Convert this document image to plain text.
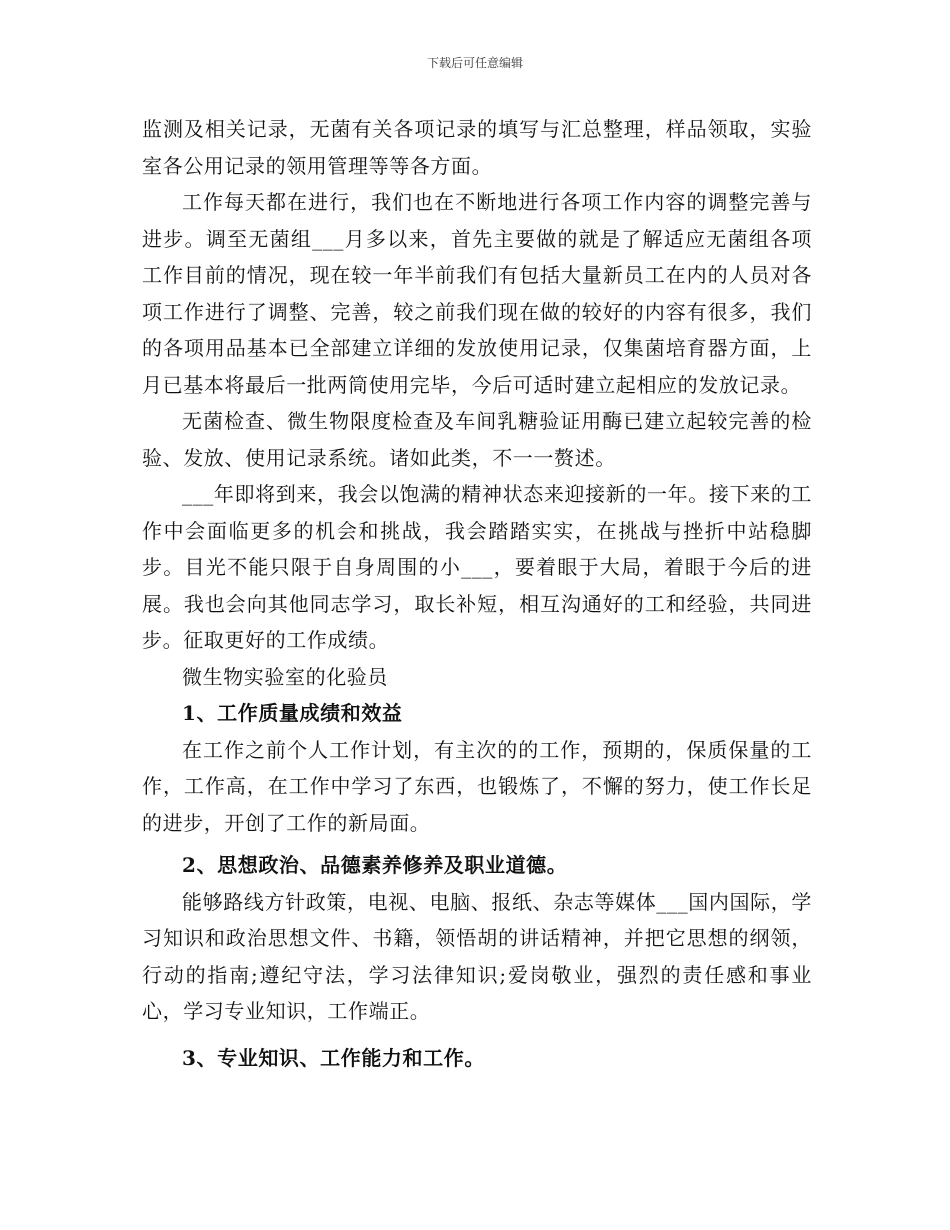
下载后可任意编辑

监测及相关记录，无菌有关各项记录的填写与汇总整理，样品领取，实验室各公用记录的领用管理等等各方面。

工作每天都在进行，我们也在不断地进行各项工作内容的调整完善与进步。调至无菌组___月多以来，首先主要做的就是了解适应无菌组各项工作目前的情况，现在较一年半前我们有包括大量新员工在内的人员对各项工作进行了调整、完善，较之前我们现在做的较好的内容有很多，我们的各项用品基本已全部建立详细的发放使用记录，仅集菌培育器方面，上月已基本将最后一批两筒使用完毕，今后可适时建立起相应的发放记录。

无菌检查、微生物限度检查及车间乳糖验证用酶已建立起较完善的检验、发放、使用记录系统。诸如此类，不一一赘述。

___年即将到来，我会以饱满的精神状态来迎接新的一年。接下来的工作中会面临更多的机会和挑战，我会踏踏实实，在挑战与挫折中站稳脚步。目光不能只限于自身周围的小___，要着眼于大局，着眼于今后的进展。我也会向其他同志学习，取长补短，相互沟通好的工和经验，共同进步。征取更好的工作成绩。

微生物实验室的化验员

1、工作质量成绩和效益

在工作之前个人工作计划，有主次的的工作，预期的，保质保量的工作，工作高，在工作中学习了东西，也锻炼了，不懈的努力，使工作长足的进步，开创了工作的新局面。

2、思想政治、品德素养修养及职业道德。

能够路线方针政策，电视、电脑、报纸、杂志等媒体___国内国际，学习知识和政治思想文件、书籍，领悟胡的讲话精神，并把它思想的纲领，行动的指南;遵纪守法，学习法律知识;爱岗敬业，强烈的责任感和事业心，学习专业知识，工作端正。

3、专业知识、工作能力和工作。
